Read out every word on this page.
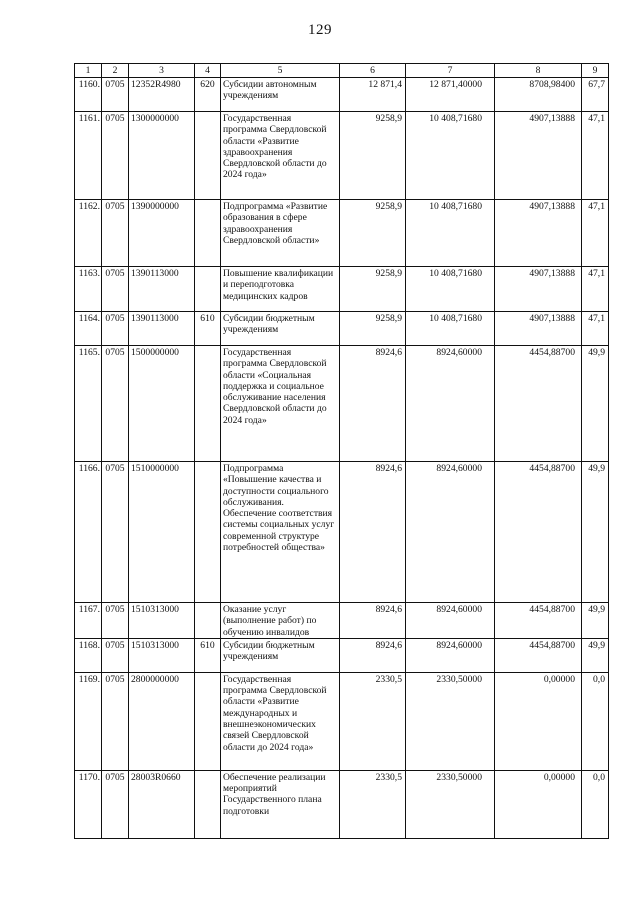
129
1	2	3	4	5	6	7	8	9
1160.	0705	12352R4980	620	Субсидии автономным учреждениям	12 871,4	12 871,40000	8708,98400	67,7
1161.	0705	1300000000		Государственная программа Свердловской области «Развитие здравоохранения Свердловской области до 2024 года»	9258,9	10 408,71680	4907,13888	47,1
1162.	0705	1390000000		Подпрограмма «Развитие образования в сфере здравоохранения Свердловской области»	9258,9	10 408,71680	4907,13888	47,1
1163.	0705	1390113000		Повышение квалификации и переподготовка медицинских кадров	9258,9	10 408,71680	4907,13888	47,1
1164.	0705	1390113000	610	Субсидии бюджетным учреждениям	9258,9	10 408,71680	4907,13888	47,1
1165.	0705	1500000000		Государственная программа Свердловской области «Социальная поддержка и социальное обслуживание населения Свердловской области до 2024 года»	8924,6	8924,60000	4454,88700	49,9
1166.	0705	1510000000		Подпрограмма «Повышение качества и доступности социального обслуживания. Обеспечение соответствия системы социальных услуг современной структуре потребностей общества»	8924,6	8924,60000	4454,88700	49,9
1167.	0705	1510313000		Оказание услуг (выполнение работ) по обучению инвалидов	8924,6	8924,60000	4454,88700	49,9
1168.	0705	1510313000	610	Субсидии бюджетным учреждениям	8924,6	8924,60000	4454,88700	49,9
1169.	0705	2800000000		Государственная программа Свердловской области «Развитие международных и внешнеэкономических связей Свердловской области до 2024 года»	2330,5	2330,50000	0,00000	0,0
1170.	0705	28003R0660		Обеспечение реализации мероприятий Государственного плана подготовки	2330,5	2330,50000	0,00000	0,0
